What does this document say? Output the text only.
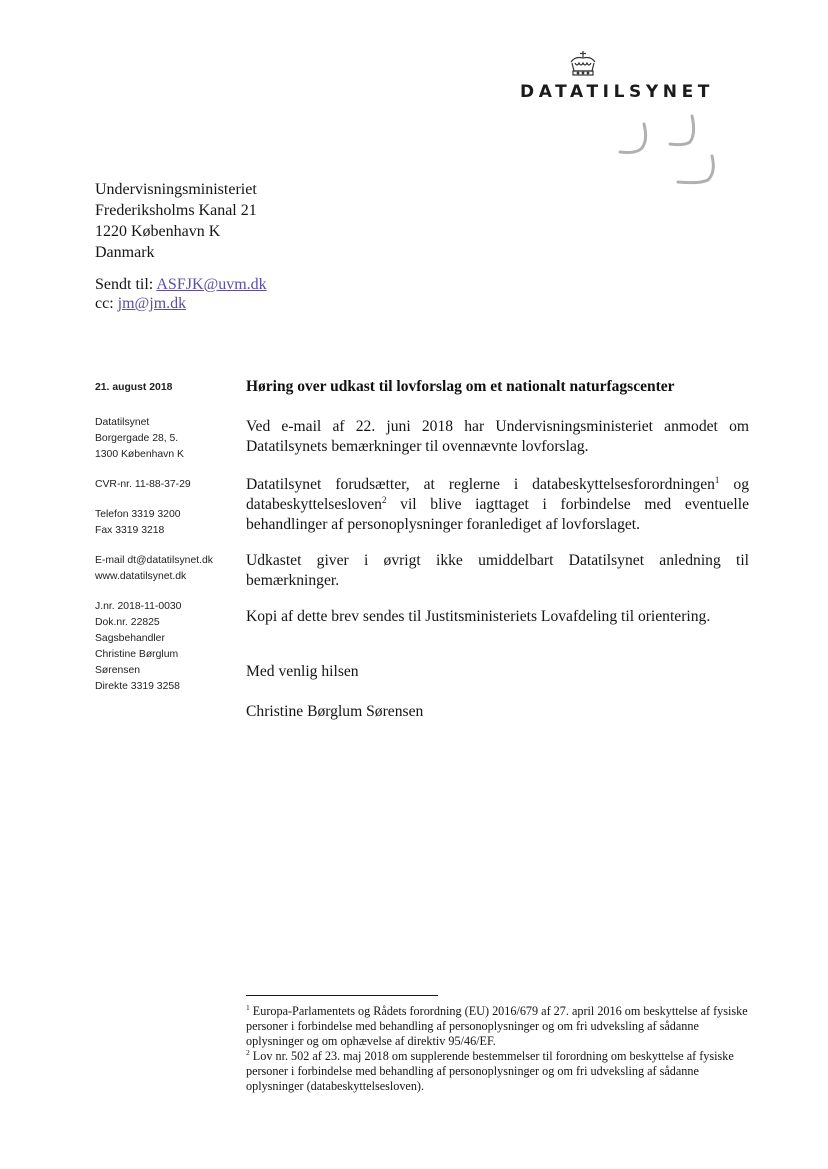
DATATILSYNET
Undervisningsministeriet
Frederiksholms Kanal 21
1220 København K
Danmark
Sendt til: ASFJK@uvm.dk
cc: jm@jm.dk
21. august 2018
Datatilsynet
Borgergade 28, 5.
1300 København K
CVR-nr. 11-88-37-29
Telefon 3319 3200
Fax 3319 3218
E-mail dt@datatilsynet.dk
www.datatilsynet.dk
J.nr. 2018-11-0030
Dok.nr. 22825
Sagsbehandler
Christine Børglum
Sørensen
Direkte 3319 3258
Høring over udkast til lovforslag om et nationalt naturfagscenter

Ved e-mail af 22. juni 2018 har Undervisningsministeriet anmodet om Datatilsynets bemærkninger til ovennævnte lovforslag.

Datatilsynet forudsætter, at reglerne i databeskyttelsesforordningen$^1$ og databeskyttelsesloven$^2$ vil blive iagttaget i forbindelse med eventuelle behandlinger af personoplysninger foranlediget af lovforslaget.

Udkastet giver i øvrigt ikke umiddelbart Datatilsynet anledning til bemærkninger.

Kopi af dette brev sendes til Justitsministeriets Lovafdeling til orientering.

Med venlig hilsen

Christine Børglum Sørensen

$^1$ Europa-Parlamentets og Rådets forordning (EU) 2016/679 af 27. april 2016 om beskyttelse af fysiske personer i forbindelse med behandling af personoplysninger og om fri udveksling af sådanne oplysninger og om ophævelse af direktiv 95/46/EF.

$^2$ Lov nr. 502 af 23. maj 2018 om supplerende bestemmelser til forordning om beskyttelse af fysiske personer i forbindelse med behandling af personoplysninger og om fri udveksling af sådanne oplysninger (databeskyttelsesloven).
